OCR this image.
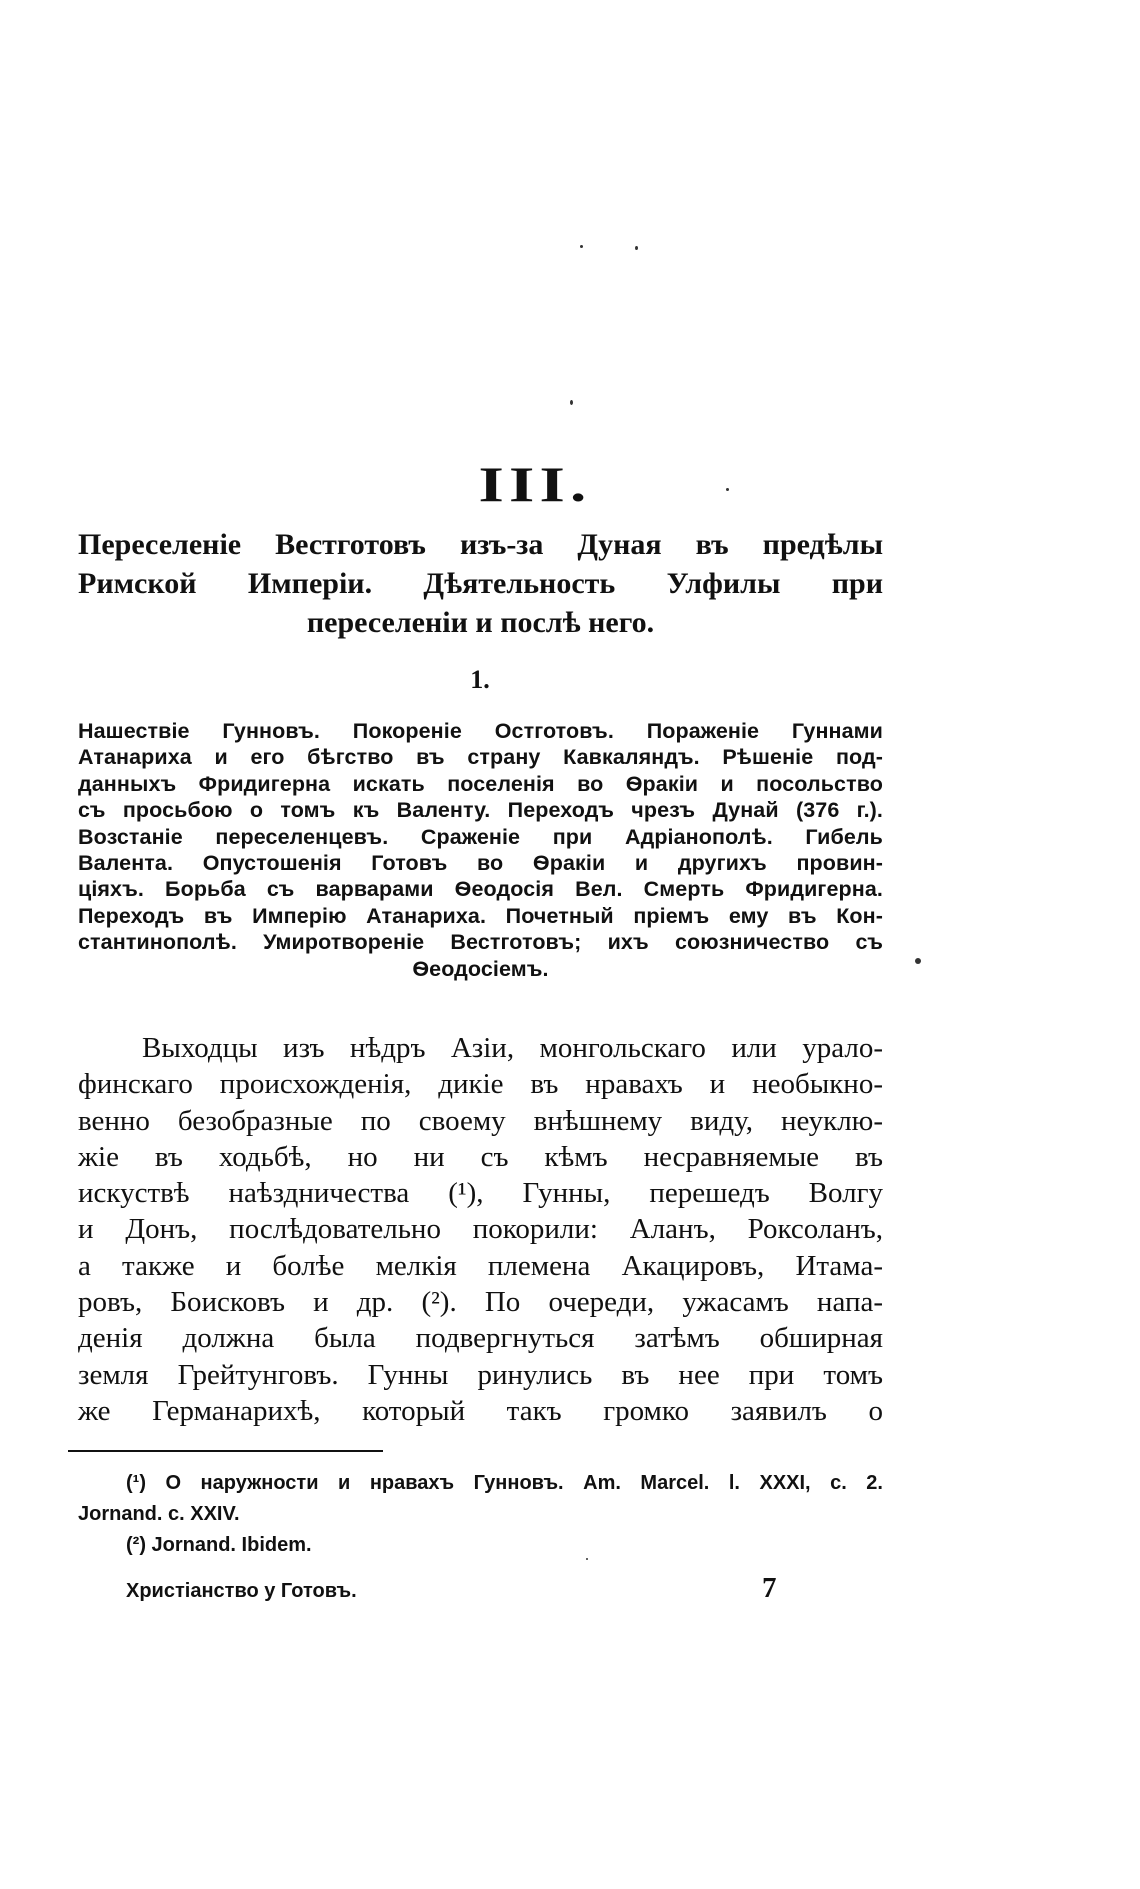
III.
Переселеніе Вестготовъ изъ-за Дуная въ предѣлы
Римской Имперіи. Дѣятельность Улфилы при
переселеніи и послѣ него.
1.
Нашествіе Гунновъ. Покореніе Остготовъ. Пораженіе Гуннами
Атанариха и его бѣгство въ страну Кавкаляндъ. Рѣшеніе под-
данныхъ Фридигерна искать поселенія во Ѳракіи и посольство
съ просьбою о томъ къ Валенту. Переходъ чрезъ Дунай (376 г.).
Возстаніе переселенцевъ. Сраженіе при Адріанополѣ. Гибель
Валента. Опустошенія Готовъ во Ѳракіи и другихъ провин-
ціяхъ. Борьба съ варварами Ѳеодосія Вел. Смерть Фридигерна.
Переходъ въ Имперію Атанариха. Почетный пріемъ ему въ Кон-
стантинополѣ. Умиротвореніе Вестготовъ; ихъ союзничество съ
Ѳеодосіемъ.
Выходцы изъ нѣдръ Азіи, монгольскаго или урало-
финскаго происхожденія, дикіе въ нравахъ и необыкно-
венно безобразные по своему внѣшнему виду, неуклю-
жіе въ ходьбѣ, но ни съ кѣмъ несравняемые въ
искуствѣ наѣздничества (¹), Гунны, перешедъ Волгу
и Донъ, послѣдовательно покорили: Аланъ, Роксоланъ,
а также и болѣе мелкія племена Акацировъ, Итама-
ровъ, Боисковъ и др. (²). По очереди, ужасамъ напа-
денія должна была подвергнуться затѣмъ обширная
земля Грейтунговъ. Гунны ринулись въ нее при томъ
же Германарихѣ, который такъ громко заявилъ о
(¹) О наружности и нравахъ Гунновъ. Am. Marcel. l. XXXI, c. 2.
Jornand. c. XXIV.
(²) Jornand. Ibidem.
Христіанство у Готовъ.	7
